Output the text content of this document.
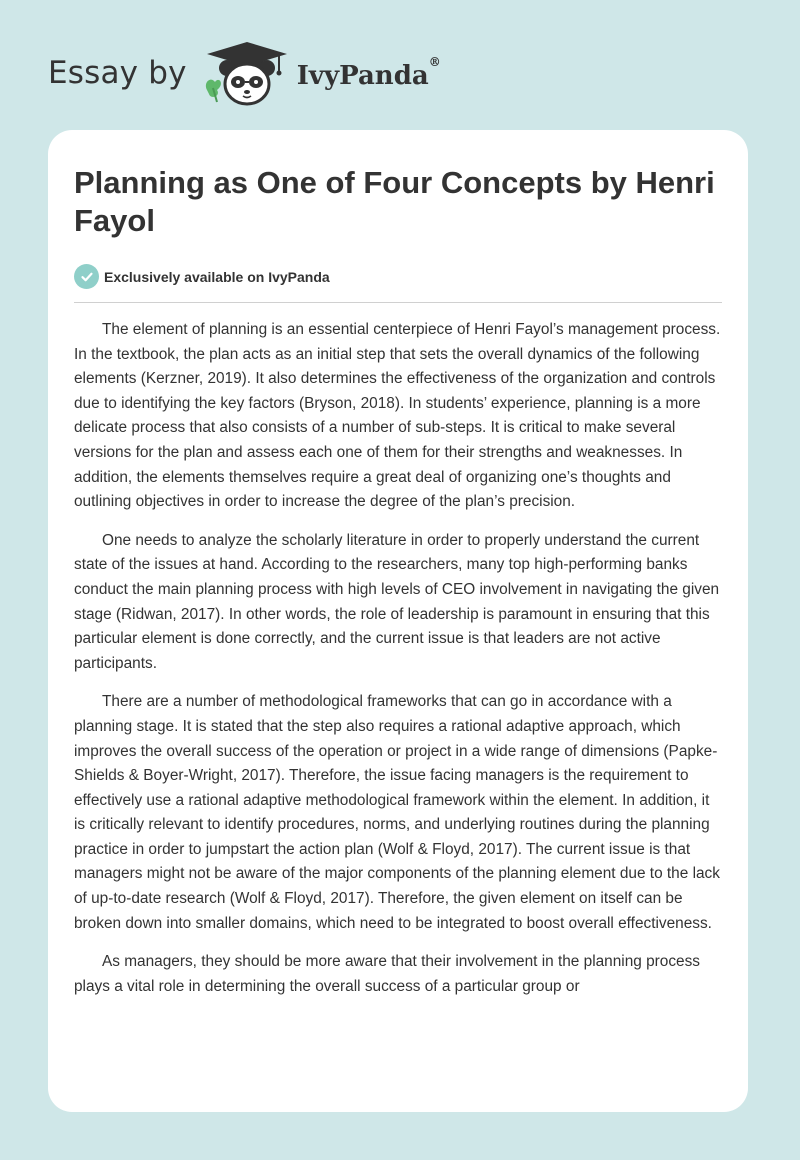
Essay by	IvyPanda®
Planning as One of Four Concepts by Henri Fayol
Exclusively available on IvyPanda

The element of planning is an essential centerpiece of Henri Fayol’s management process. In the textbook, the plan acts as an initial step that sets the overall dynamics of the following elements (Kerzner, 2019). It also determines the effectiveness of the organization and controls due to identifying the key factors (Bryson, 2018). In students’ experience, planning is a more delicate process that also consists of a number of sub-steps. It is critical to make several versions for the plan and assess each one of them for their strengths and weaknesses. In addition, the elements themselves require a great deal of organizing one’s thoughts and outlining objectives in order to increase the degree of the plan’s precision.

One needs to analyze the scholarly literature in order to properly understand the current state of the issues at hand. According to the researchers, many top high-performing banks conduct the main planning process with high levels of CEO involvement in navigating the given stage (Ridwan, 2017). In other words, the role of leadership is paramount in ensuring that this particular element is done correctly, and the current issue is that leaders are not active participants.

There are a number of methodological frameworks that can go in accordance with a planning stage. It is stated that the step also requires a rational adaptive approach, which improves the overall success of the operation or project in a wide range of dimensions (Papke-Shields & Boyer-Wright, 2017). Therefore, the issue facing managers is the requirement to effectively use a rational adaptive methodological framework within the element. In addition, it is critically relevant to identify procedures, norms, and underlying routines during the planning practice in order to jumpstart the action plan (Wolf & Floyd, 2017). The current issue is that managers might not be aware of the major components of the planning element due to the lack of up-to-date research (Wolf & Floyd, 2017). Therefore, the given element on itself can be broken down into smaller domains, which need to be integrated to boost overall effectiveness.

As managers, they should be more aware that their involvement in the planning process plays a vital role in determining the overall success of a particular group or
